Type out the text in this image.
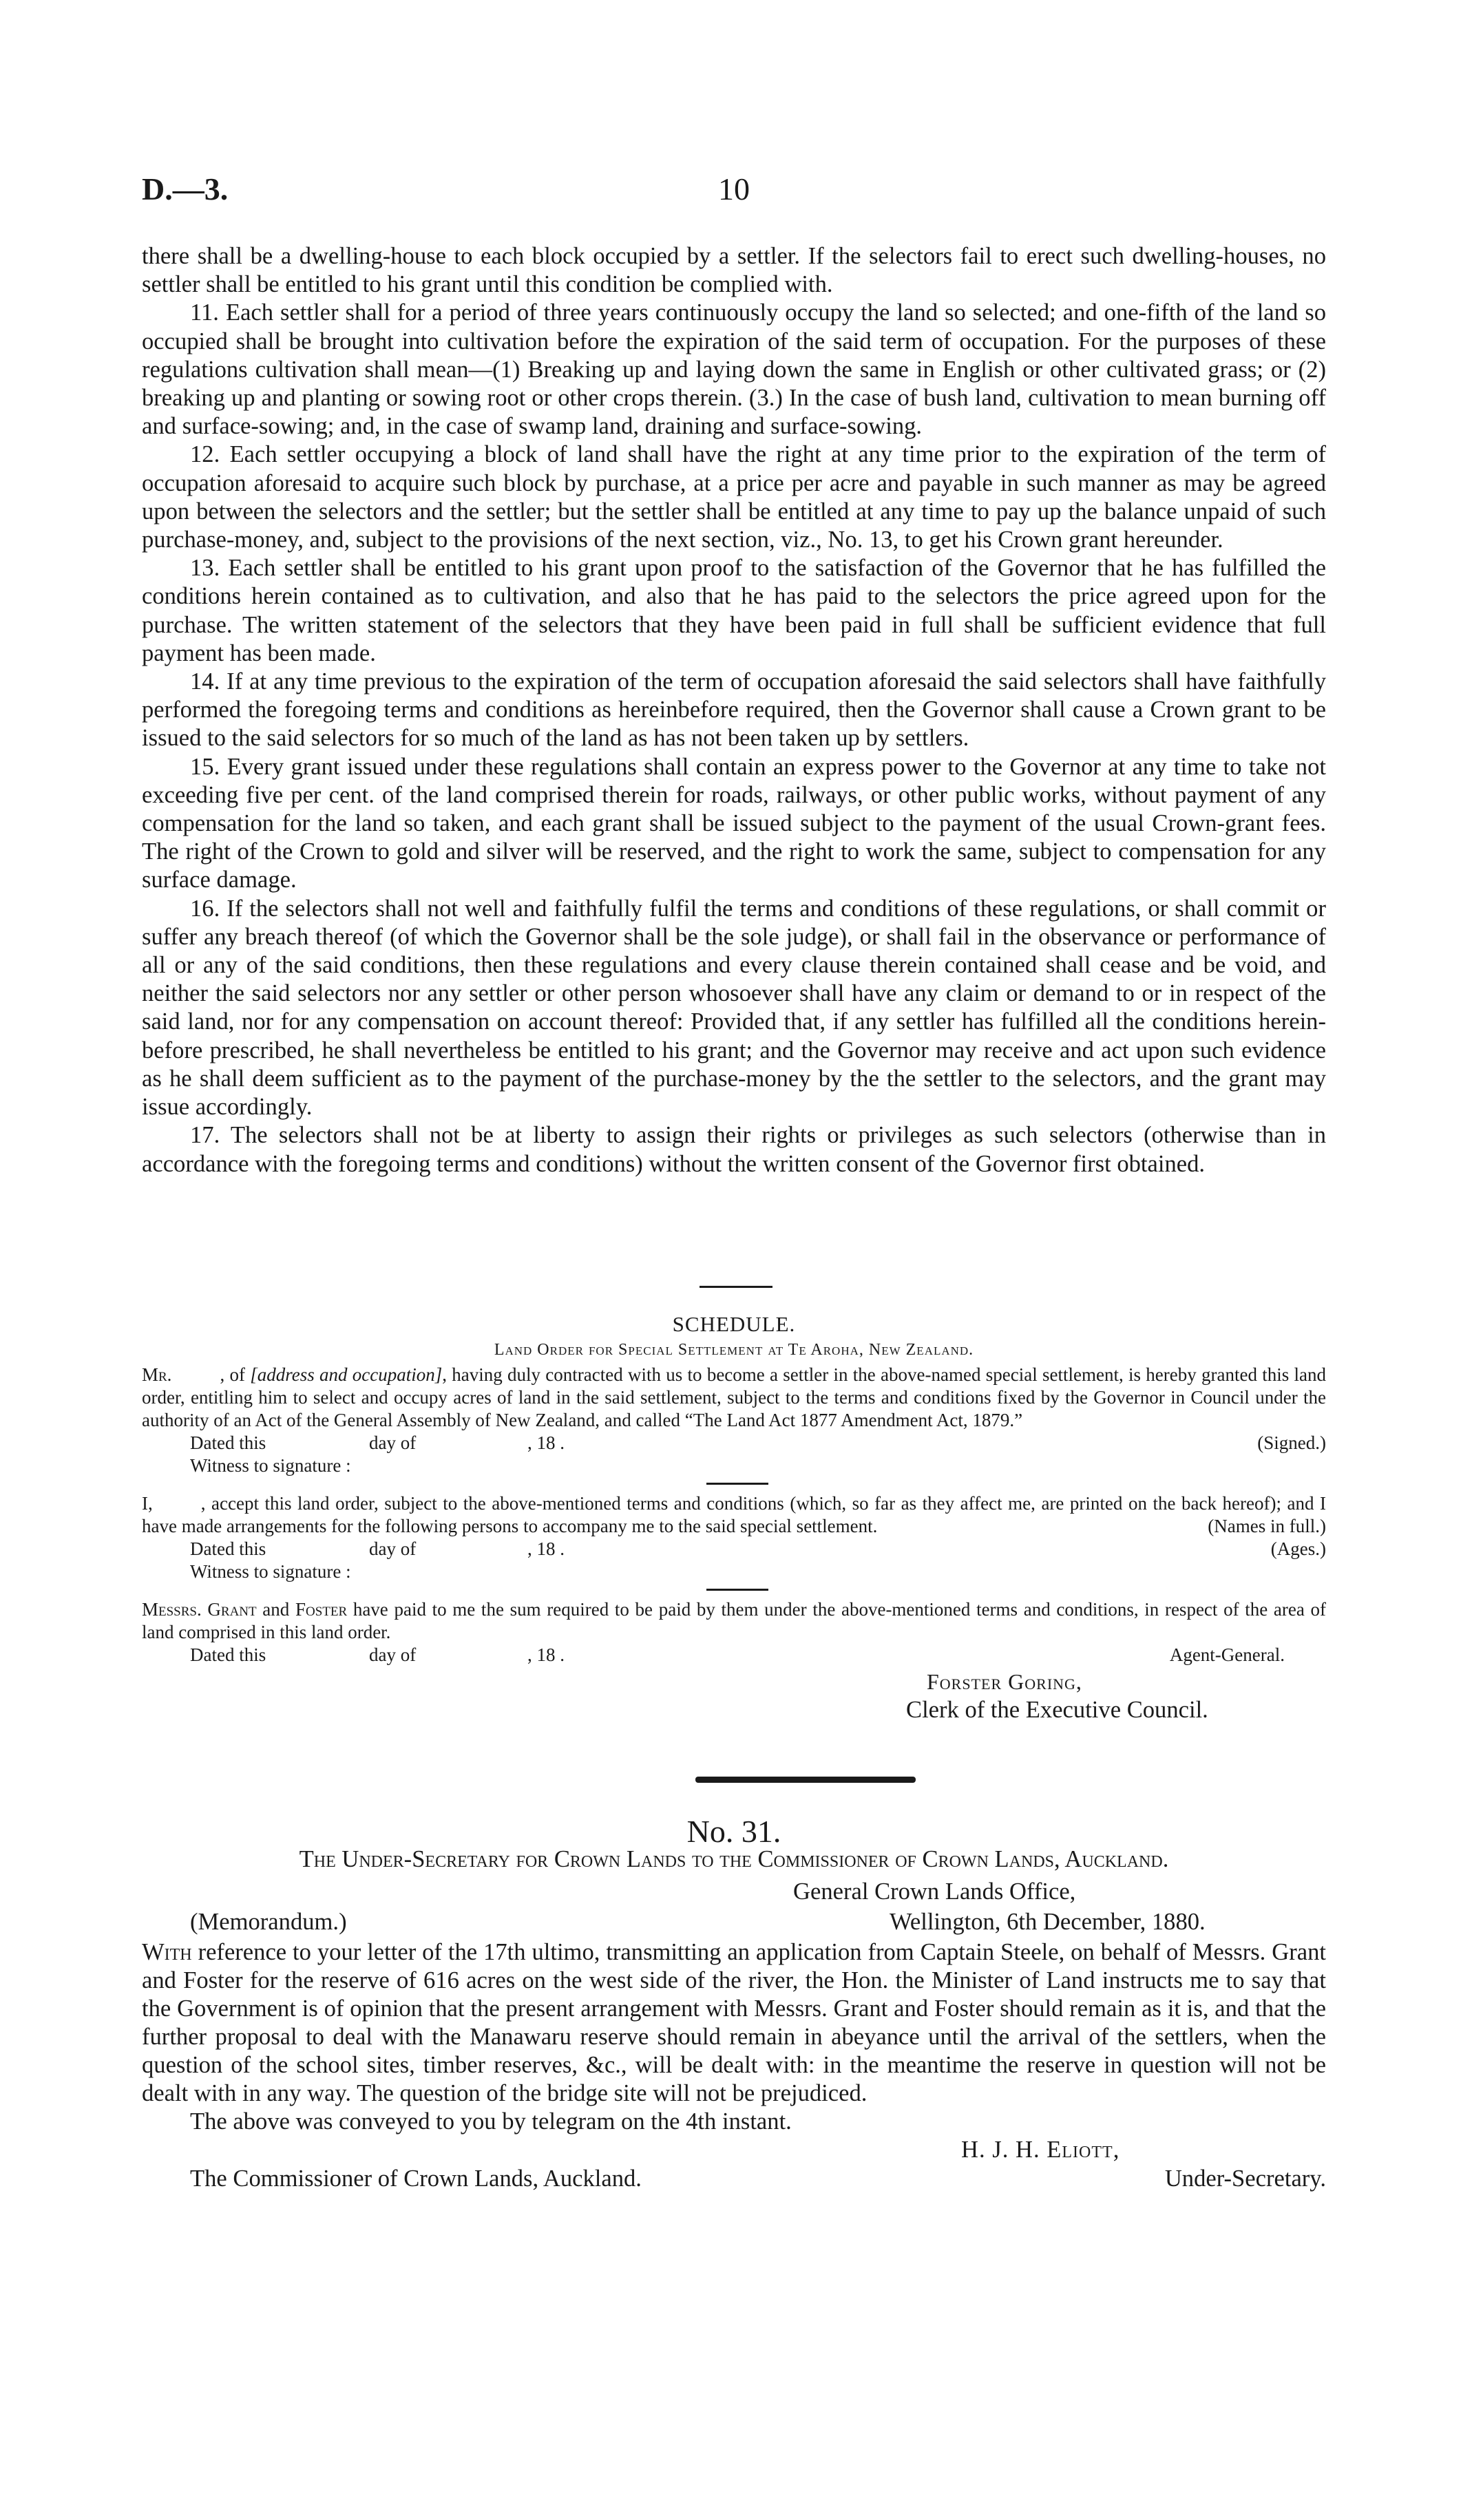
10
D.—3.

there shall be a dwelling-house to each block occupied by a settler. If the selectors fail to erect such dwelling-houses, no settler shall be entitled to his grant until this condition be complied with.

11. Each settler shall for a period of three years continuously occupy the land so selected; and one-fifth of the land so occupied shall be brought into cultivation before the expiration of the said term of occupation. For the purposes of these regulations cultivation shall mean—(1) Breaking up and laying down the same in English or other cultivated grass; or (2) breaking up and planting or sowing root or other crops therein. (3.) In the case of bush land, cultivation to mean burning off and surface-sowing; and, in the case of swamp land, draining and surface-sowing.

12. Each settler occupying a block of land shall have the right at any time prior to the expiration of the term of occupation aforesaid to acquire such block by purchase, at a price per acre and payable in such manner as may be agreed upon between the selectors and the settler; but the settler shall be entitled at any time to pay up the balance unpaid of such purchase-money, and, subject to the provisions of the next section, viz., No. 13, to get his Crown grant hereunder.

13. Each settler shall be entitled to his grant upon proof to the satisfaction of the Governor that he has fulfilled the conditions herein contained as to cultivation, and also that he has paid to the selectors the price agreed upon for the purchase. The written statement of the selectors that they have been paid in full shall be sufficient evidence that full payment has been made.

14. If at any time previous to the expiration of the term of occupation aforesaid the said selectors shall have faithfully performed the foregoing terms and conditions as hereinbefore required, then the Governor shall cause a Crown grant to be issued to the said selectors for so much of the land as has not been taken up by settlers.

15. Every grant issued under these regulations shall contain an express power to the Governor at any time to take not exceeding five per cent. of the land comprised therein for roads, railways, or other public works, without payment of any compensation for the land so taken, and each grant shall be issued subject to the payment of the usual Crown-grant fees. The right of the Crown to gold and silver will be reserved, and the right to work the same, subject to compensation for any surface damage.

16. If the selectors shall not well and faithfully fulfil the terms and conditions of these regulations, or shall commit or suffer any breach thereof (of which the Governor shall be the sole judge), or shall fail in the observance or performance of all or any of the said conditions, then these regulations and every clause therein contained shall cease and be void, and neither the said selectors nor any settler or other person whosoever shall have any claim or demand to or in respect of the said land, nor for any compensation on account thereof: Provided that, if any settler has fulfilled all the conditions herein-before prescribed, he shall nevertheless be entitled to his grant; and the Governor may receive and act upon such evidence as he shall deem sufficient as to the payment of the purchase-money by the the settler to the selectors, and the grant may issue accordingly.

17. The selectors shall not be at liberty to assign their rights or privileges as such selectors (otherwise than in accordance with the foregoing terms and conditions) without the written consent of the Governor first obtained.

SCHEDULE.

Land Order for Special Settlement at Te Aroha, New Zealand.

Mr.	, of [address and occupation], having duly contracted with us to become a settler in the above-named special settlement, is hereby granted this land order, entitling him to select and occupy acres of land in the said settlement, subject to the terms and conditions fixed by the Governor in Council under the authority of an Act of the General Assembly of New Zealand, and called “The Land Act 1877 Amendment Act, 1879.”

Dated this	day of	, 18 .	(Signed.)
Witness to signature :

I,	, accept this land order, subject to the above-mentioned terms and conditions (which, so far as they affect me, are printed on the back hereof); and I have made arrangements for the following persons to accompany me to the said special settlement.	(Names in full.)
Dated this	day of	, 18 .	(Ages.)
Witness to signature :

Messrs. Grant and Foster have paid to me the sum required to be paid by them under the above-mentioned terms and conditions, in respect of the area of land comprised in this land order.

Dated this	day of	, 18 .	Agent-General.
Forster Goring,
Clerk of the Executive Council.

No. 31.

The Under-Secretary for Crown Lands to the Commissioner of Crown Lands, Auckland.

General Crown Lands Office,
(Memorandum.)	Wellington, 6th December, 1880.

With reference to your letter of the 17th ultimo, transmitting an application from Captain Steele, on behalf of Messrs. Grant and Foster for the reserve of 616 acres on the west side of the river, the Hon. the Minister of Land instructs me to say that the Government is of opinion that the present arrangement with Messrs. Grant and Foster should remain as it is, and that the further proposal to deal with the Manawaru reserve should remain in abeyance until the arrival of the settlers, when the question of the school sites, timber reserves, &c., will be dealt with: in the meantime the reserve in question will not be dealt with in any way. The question of the bridge site will not be prejudiced.

The above was conveyed to you by telegram on the 4th instant.

H. J. H. Eliott,
The Commissioner of Crown Lands, Auckland.	Under-Secretary.
